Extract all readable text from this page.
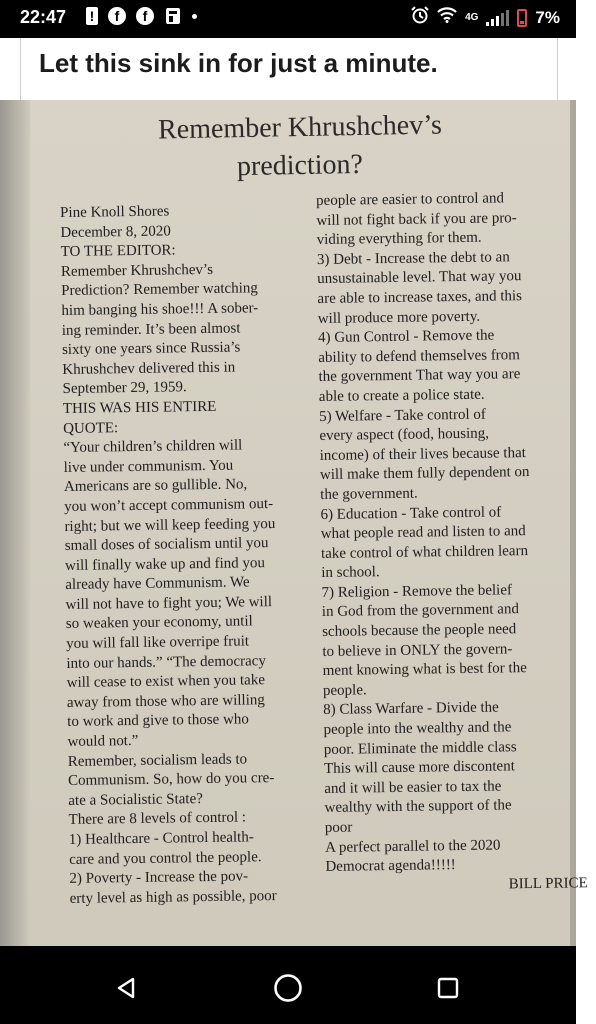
22:47 !	f	f	4G	7%
Let this sink in for just a minute.
Remember Khrushchev’s
prediction?

Pine Knoll Shores

December 8, 2020

TO THE EDITOR:

Remember Khrushchev’s

Prediction? Remember watching

him banging his shoe!!! A sober-

ing reminder. It’s been almost

sixty one years since Russia’s

Khrushchev delivered this in

September 29, 1959.

THIS WAS HIS ENTIRE

QUOTE:

“Your children’s children will

live under communism. You

Americans are so gullible. No,

you won’t accept communism out-

right; but we will keep feeding you

small doses of socialism until you

will finally wake up and find you

already have Communism. We

will not have to fight you; We will

so weaken your economy, until

you will fall like overripe fruit

into our hands.” “The democracy

will cease to exist when you take

away from those who are willing

to work and give to those who

would not.”

Remember, socialism leads to

Communism. So, how do you cre-

ate a Socialistic State?

There are 8 levels of control :

1) Healthcare - Control health-

care and you control the people.

2) Poverty - Increase the pov-

erty level as high as possible, poor

people are easier to control and

will not fight back if you are pro-

viding everything for them.

3) Debt - Increase the debt to an

unsustainable level. That way you

are able to increase taxes, and this

will produce more poverty.

4) Gun Control - Remove the

ability to defend themselves from

the government That way you are

able to create a police state.

5) Welfare - Take control of

every aspect (food, housing,

income) of their lives because that

will make them fully dependent on

the government.

6) Education - Take control of

what people read and listen to and

take control of what children learn

in school.

7) Religion - Remove the belief

in God from the government and

schools because the people need

to believe in ONLY the govern-

ment knowing what is best for the

people.

8) Class Warfare - Divide the

people into the wealthy and the

poor. Eliminate the middle class

This will cause more discontent

and it will be easier to tax the

wealthy with the support of the

poor

A perfect parallel to the 2020

Democrat agenda!!!!!

BILL PRICE
